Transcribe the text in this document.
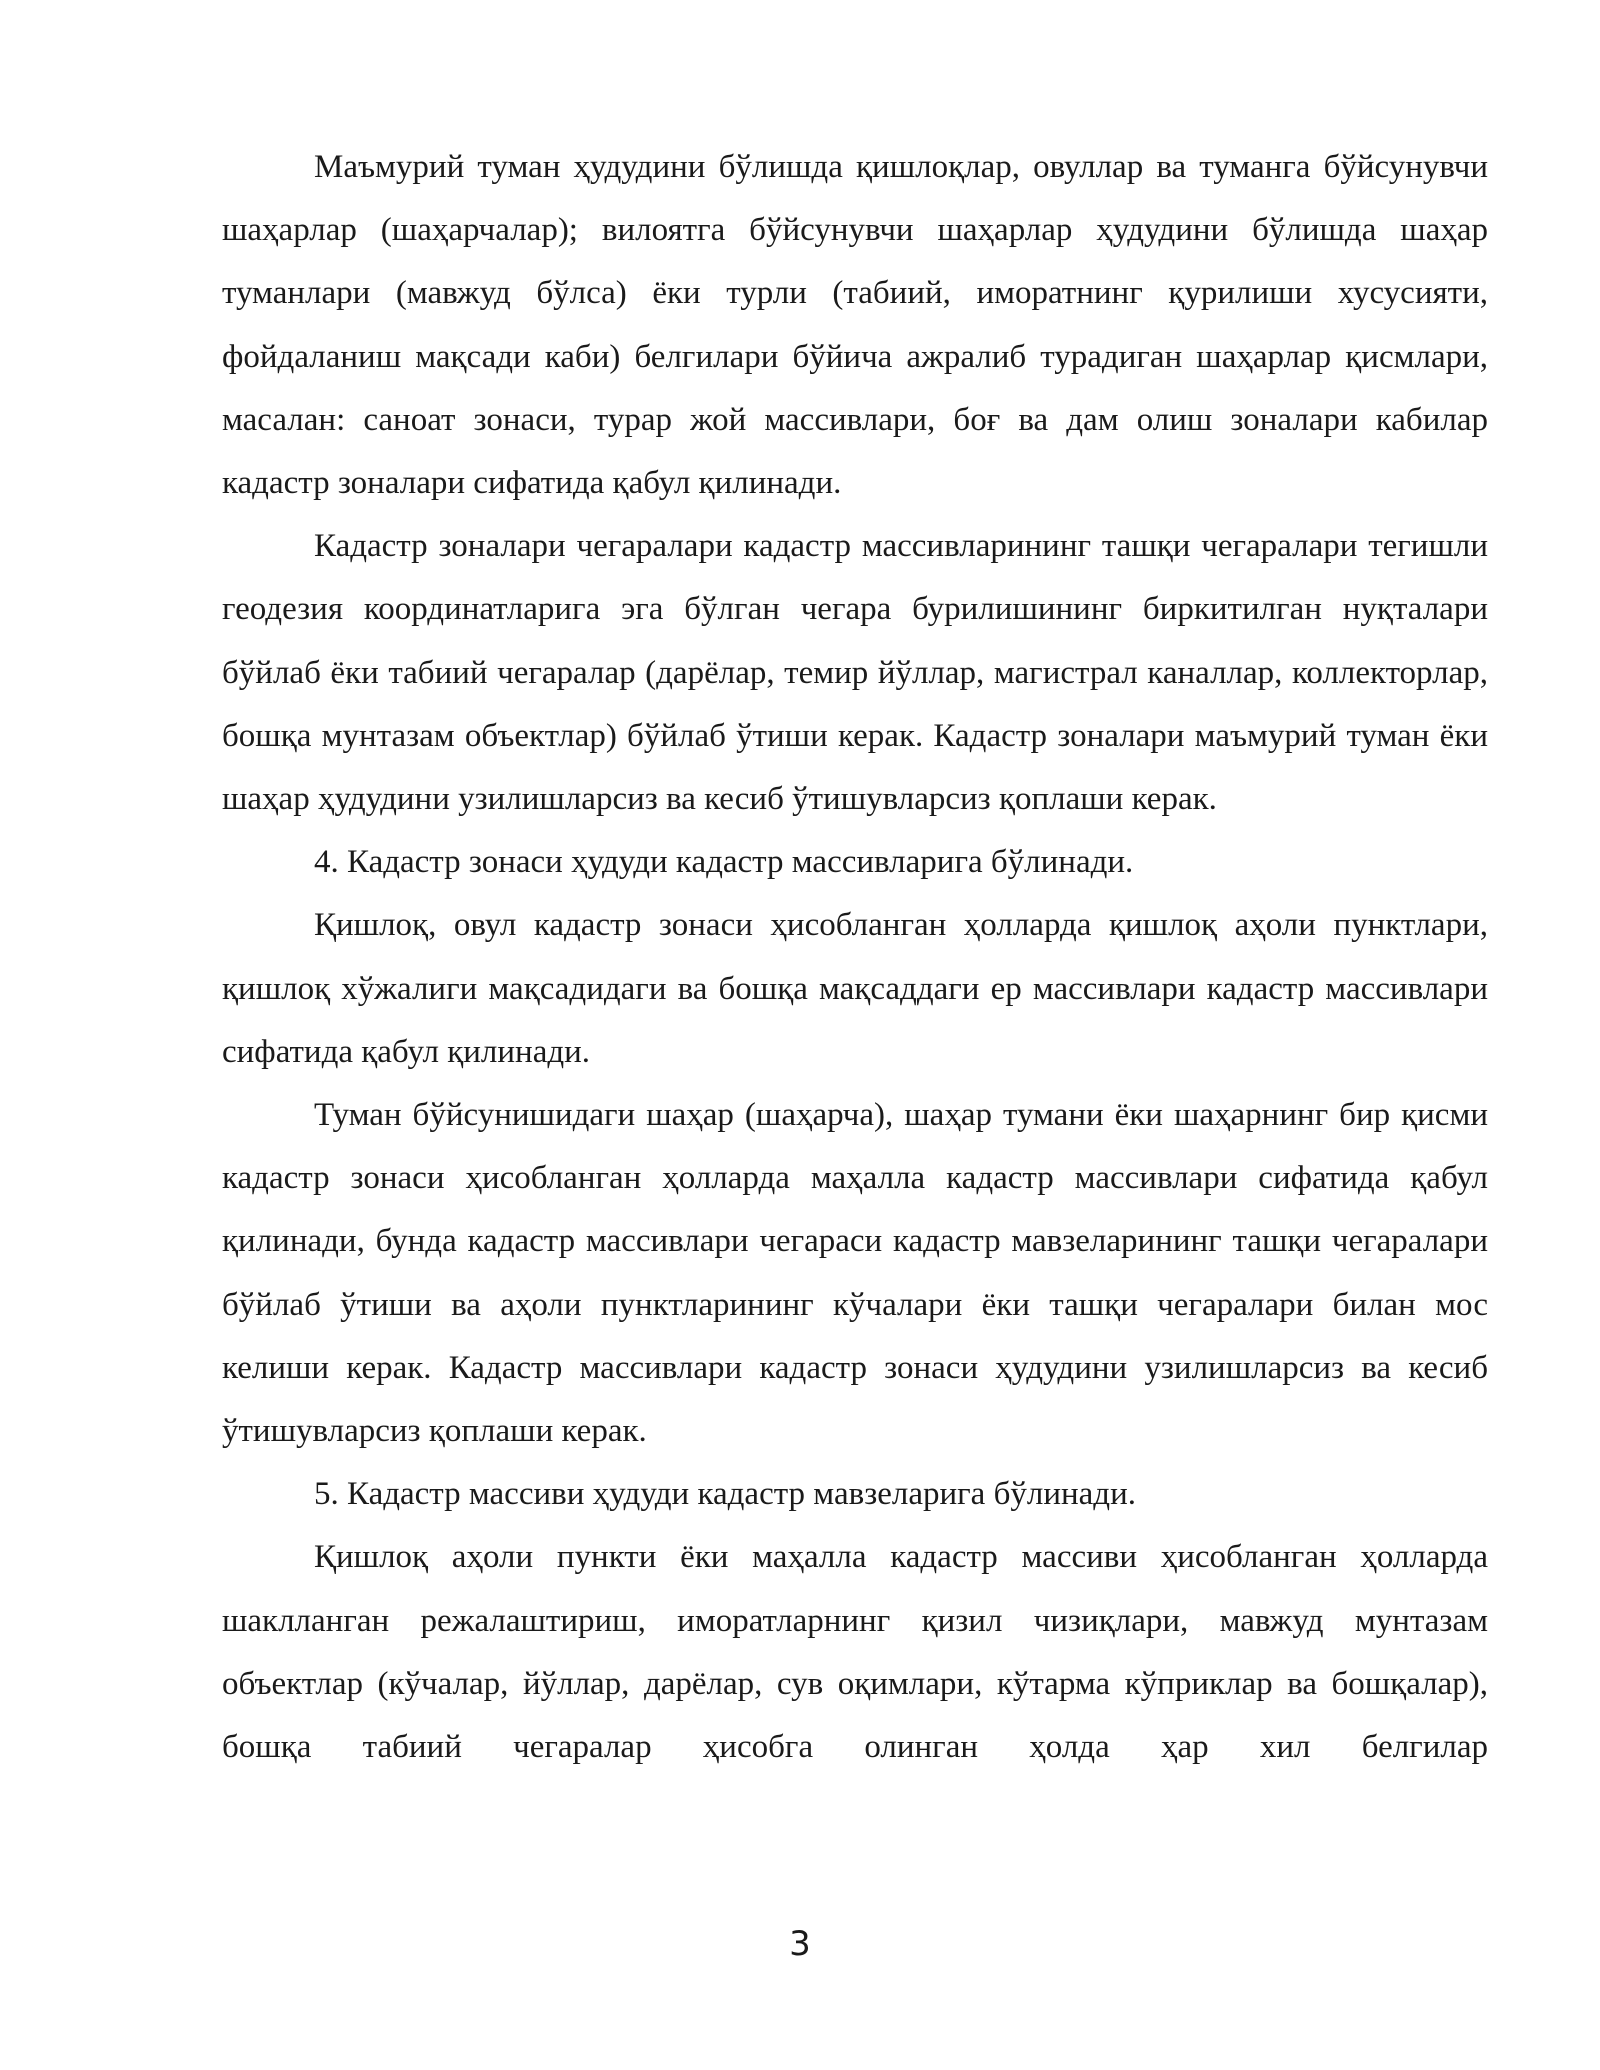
Маъмурий туман ҳудудини бўлишда қишлоқлар, овуллар ва туманга бўйсунувчи шаҳарлар (шаҳарчалар); вилоятга бўйсунувчи шаҳарлар ҳудудини бўлишда шаҳар туманлари (мавжуд бўлса) ёки турли (табиий, иморатнинг қурилиши хусусияти, фойдаланиш мақсади каби) белгилари бўйича ажралиб турадиган шаҳарлар қисмлари, масалан: саноат зонаси, турар жой массивлари, боғ ва дам олиш зоналари кабилар кадастр зоналари сифатида қабул қилинади.

Кадастр зоналари чегаралари кадастр массивларининг ташқи чегаралари тегишли геодезия координатларига эга бўлган чегара бурилишининг биркитилган нуқталари бўйлаб ёки табиий чегаралар (дарёлар, темир йўллар, магистрал каналлар, коллекторлар, бошқа мунтазам объектлар) бўйлаб ўтиши керак. Кадастр зоналари маъмурий туман ёки шаҳар ҳудудини узилишларсиз ва кесиб ўтишувларсиз қоплаши керак.

4. Кадастр зонаси ҳудуди кадастр массивларига бўлинади.

Қишлоқ, овул кадастр зонаси ҳисобланган ҳолларда қишлоқ аҳоли пунктлари, қишлоқ хўжалиги мақсадидаги ва бошқа мақсаддаги ер массивлари кадастр массивлари сифатида қабул қилинади.

Туман бўйсунишидаги шаҳар (шаҳарча), шаҳар тумани ёки шаҳарнинг бир қисми кадастр зонаси ҳисобланган ҳолларда маҳалла кадастр массивлари сифатида қабул қилинади, бунда кадастр массивлари чегараси кадастр мавзеларининг ташқи чегаралари бўйлаб ўтиши ва аҳоли пунктларининг кўчалари ёки ташқи чегаралари билан мос келиши керак. Кадастр массивлари кадастр зонаси ҳудудини узилишларсиз ва кесиб ўтишувларсиз қоплаши керак.

5. Кадастр массиви ҳудуди кадастр мавзеларига бўлинади.

Қишлоқ аҳоли пункти ёки маҳалла кадастр массиви ҳисобланган ҳолларда шаклланган режалаштириш, иморатларнинг қизил чизиқлари, мавжуд мунтазам объектлар (кўчалар, йўллар, дарёлар, сув оқимлари, кўтарма кўприклар ва бошқалар), бошқа табиий чегаралар ҳисобга олинган ҳолда ҳар хил белгилар

3
